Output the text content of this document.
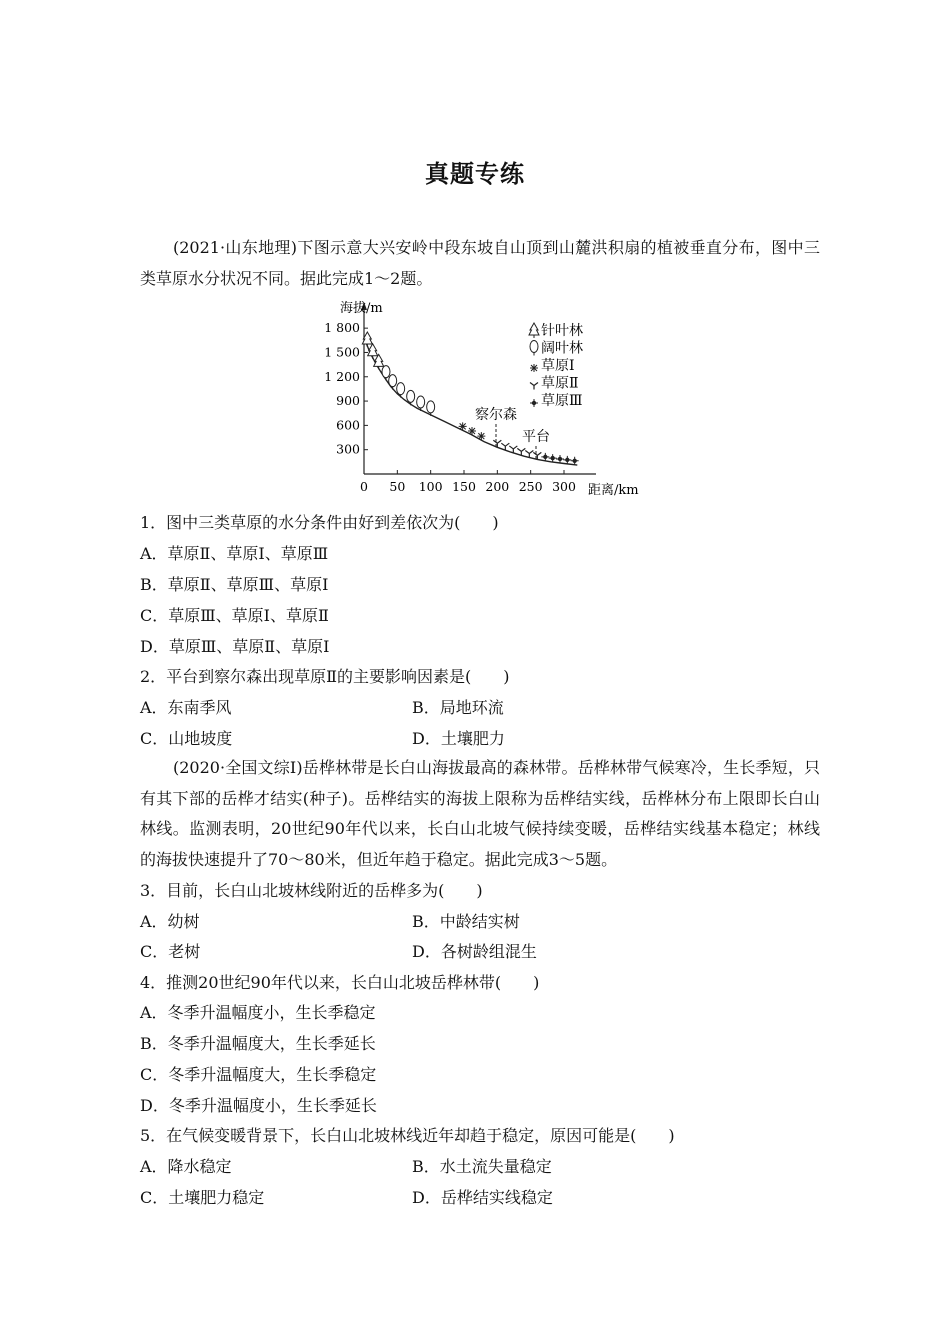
真题专练
(2021·山东地理)下图示意大兴安岭中段东坡自山顶到山麓洪积扇的植被垂直分布，图中三类草原水分状况不同。据此完成1～2题。
海拔/m
距离/km
1 800
1 500
1 200
900
600
300
0 50 100 150 200 250 300
察尔森
平台
针叶林
阔叶林
草原Ⅰ
草原Ⅱ
草原Ⅲ
1．图中三类草原的水分条件由好到差依次为(　　)
A．草原Ⅱ、草原Ⅰ、草原Ⅲ
B．草原Ⅱ、草原Ⅲ、草原Ⅰ
C．草原Ⅲ、草原Ⅰ、草原Ⅱ
D．草原Ⅲ、草原Ⅱ、草原Ⅰ
2．平台到察尔森出现草原Ⅱ的主要影响因素是(　　)
A．东南季风	B．局地环流
C．山地坡度	D．土壤肥力
(2020·全国文综Ⅰ)岳桦林带是长白山海拔最高的森林带。岳桦林带气候寒冷，生长季短，只有其下部的岳桦才结实(种子)。岳桦结实的海拔上限称为岳桦结实线，岳桦林分布上限即长白山林线。监测表明，20世纪90年代以来，长白山北坡气候持续变暖，岳桦结实线基本稳定；林线的海拔快速提升了70～80米，但近年趋于稳定。据此完成3～5题。
3．目前，长白山北坡林线附近的岳桦多为(　　)
A．幼树	B．中龄结实树
C．老树	D．各树龄组混生
4．推测20世纪90年代以来，长白山北坡岳桦林带(　　)
A．冬季升温幅度小，生长季稳定
B．冬季升温幅度大，生长季延长
C．冬季升温幅度大，生长季稳定
D．冬季升温幅度小，生长季延长
5．在气候变暖背景下，长白山北坡林线近年却趋于稳定，原因可能是(　　)
A．降水稳定	B．水土流失量稳定
C．土壤肥力稳定	D．岳桦结实线稳定
